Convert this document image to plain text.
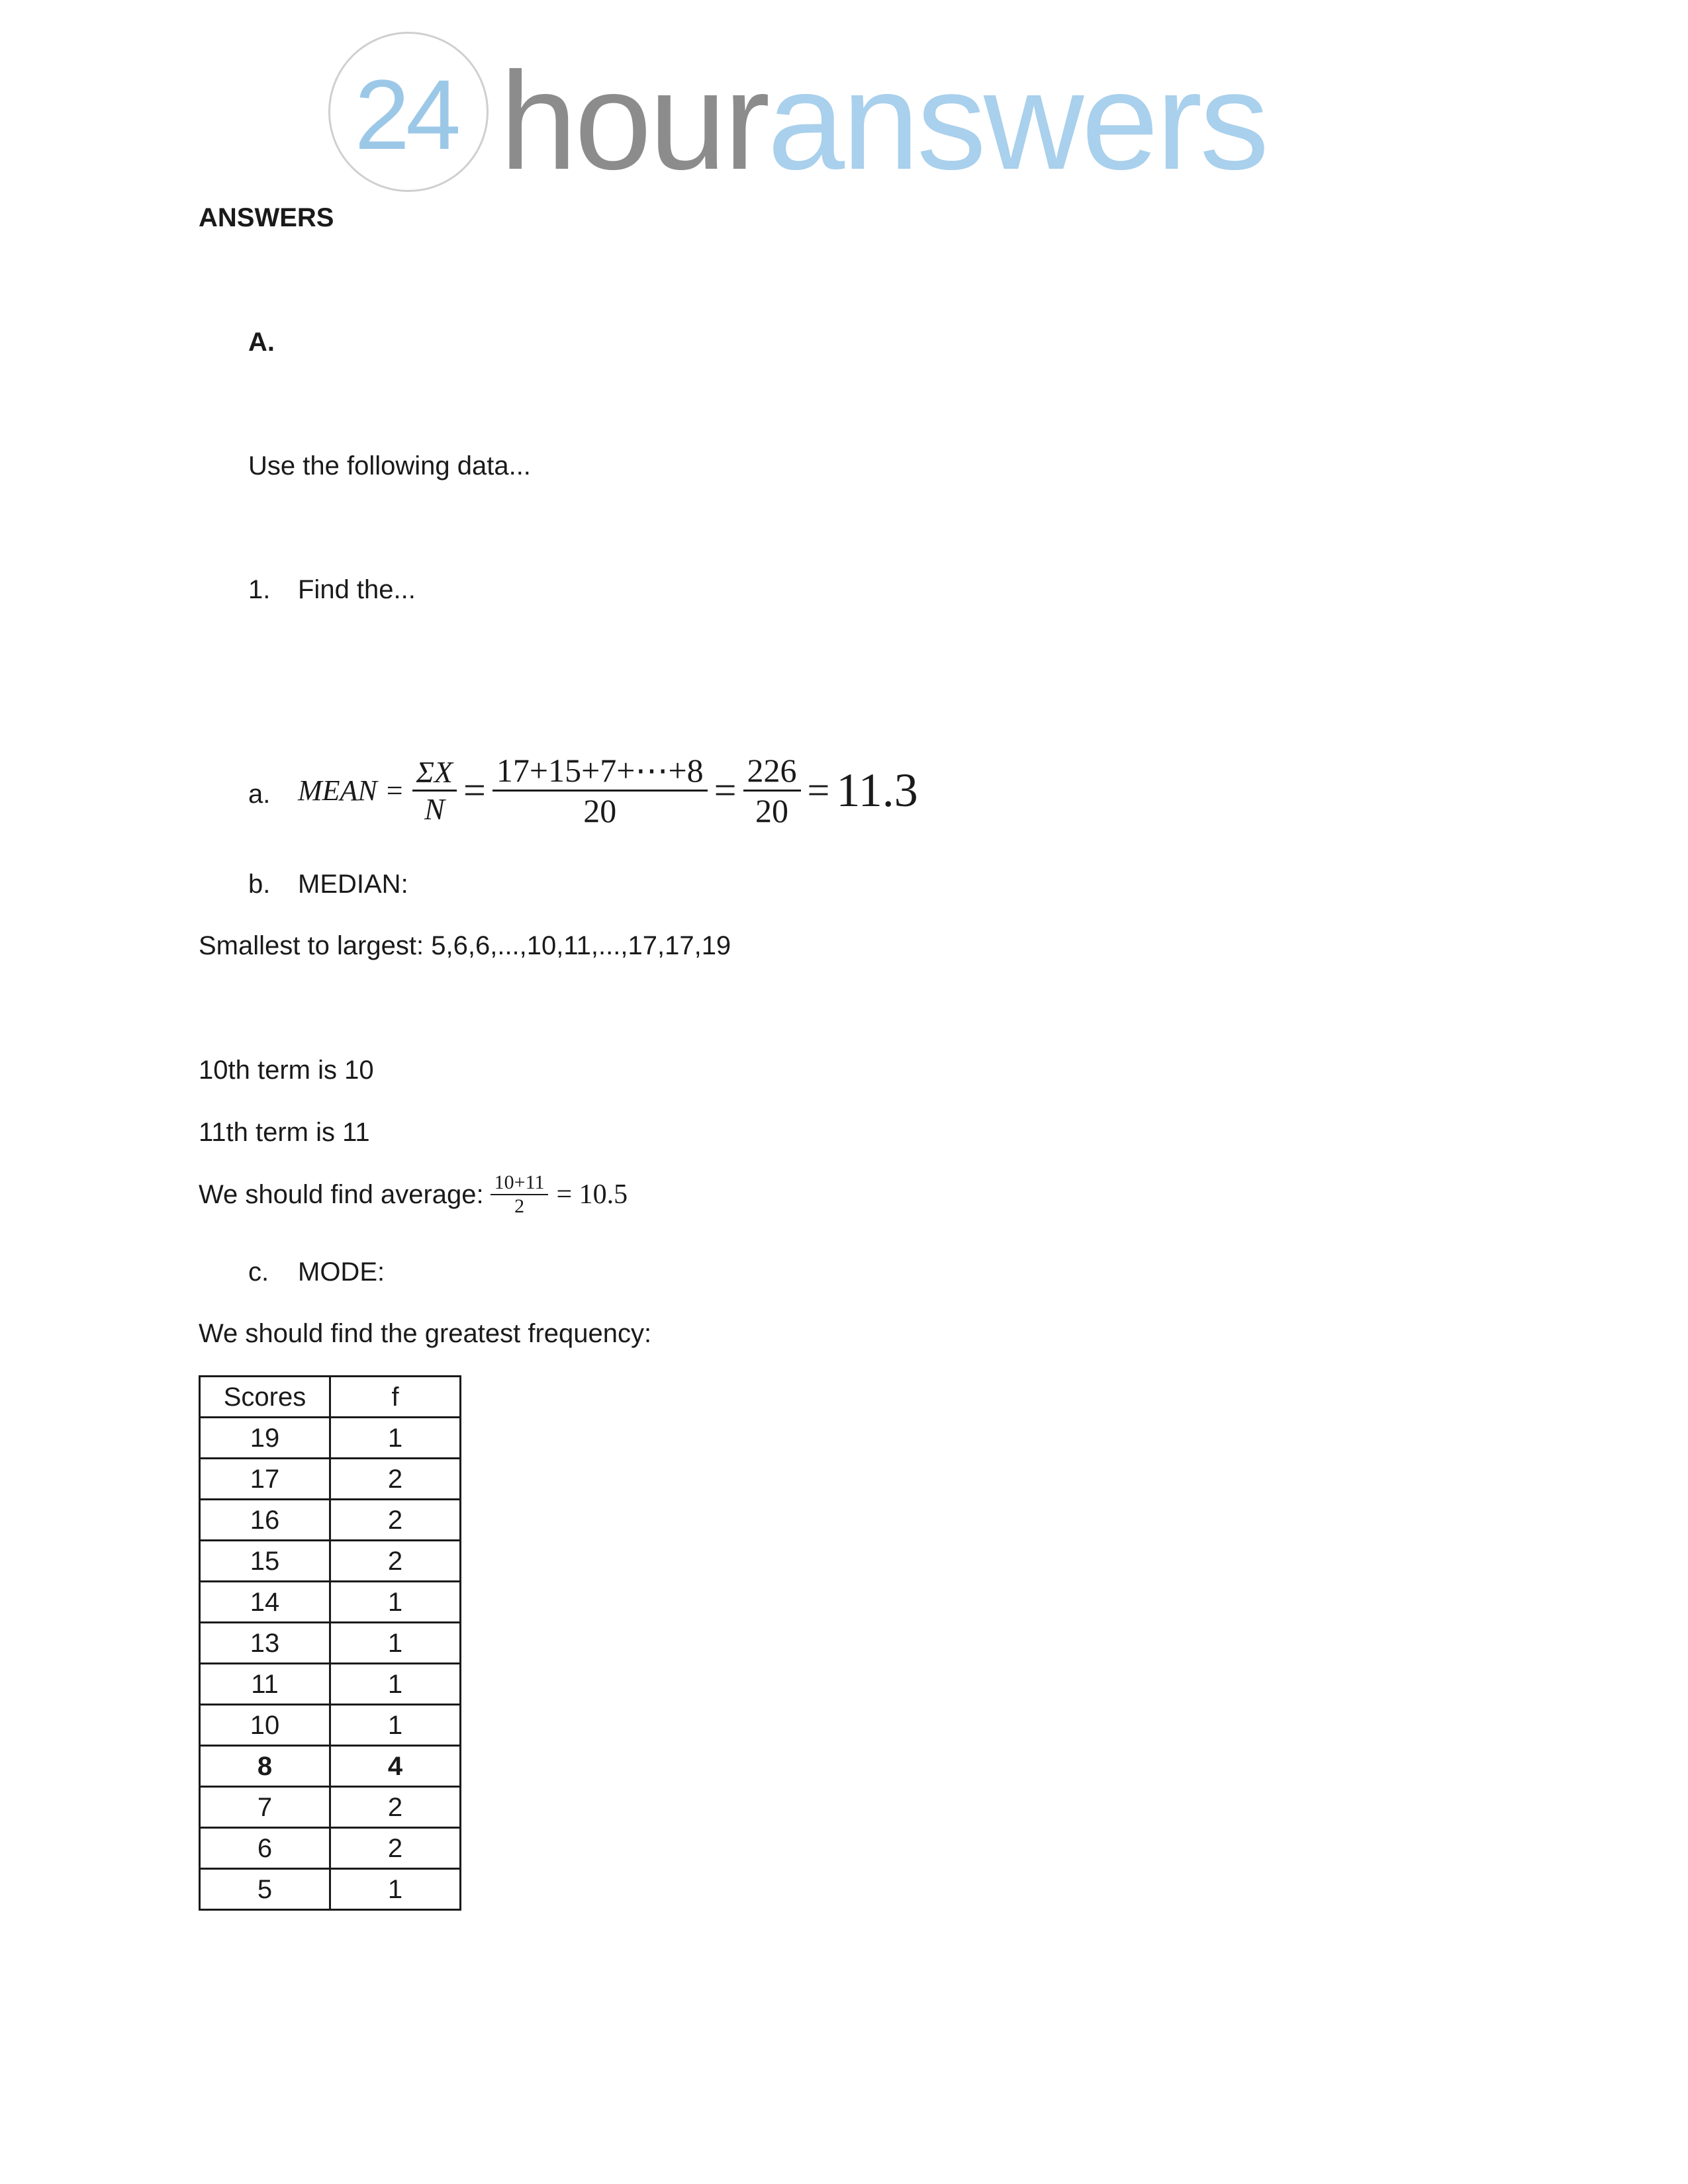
24 houranswers
ANSWERS
A.
Use the following data...
1. Find the...
a. MEAN = $\frac{\Sigma X}{N} = \frac{17+15+7+\cdots+8}{20} = \frac{226}{20} = 11.3$
b. MEDIAN:
Smallest to largest: 5,6,6,...,10,11,...,17,17,19
10th term is 10
11th term is 11
We should find average: $\frac{10+11}{2} = 10.5$
c. MODE:
We should find the greatest frequency:
Scores	f
19	1
17	2
16	2
15	2
14	1
13	1
11	1
10	1
8	4
7	2
6	2
5	1
